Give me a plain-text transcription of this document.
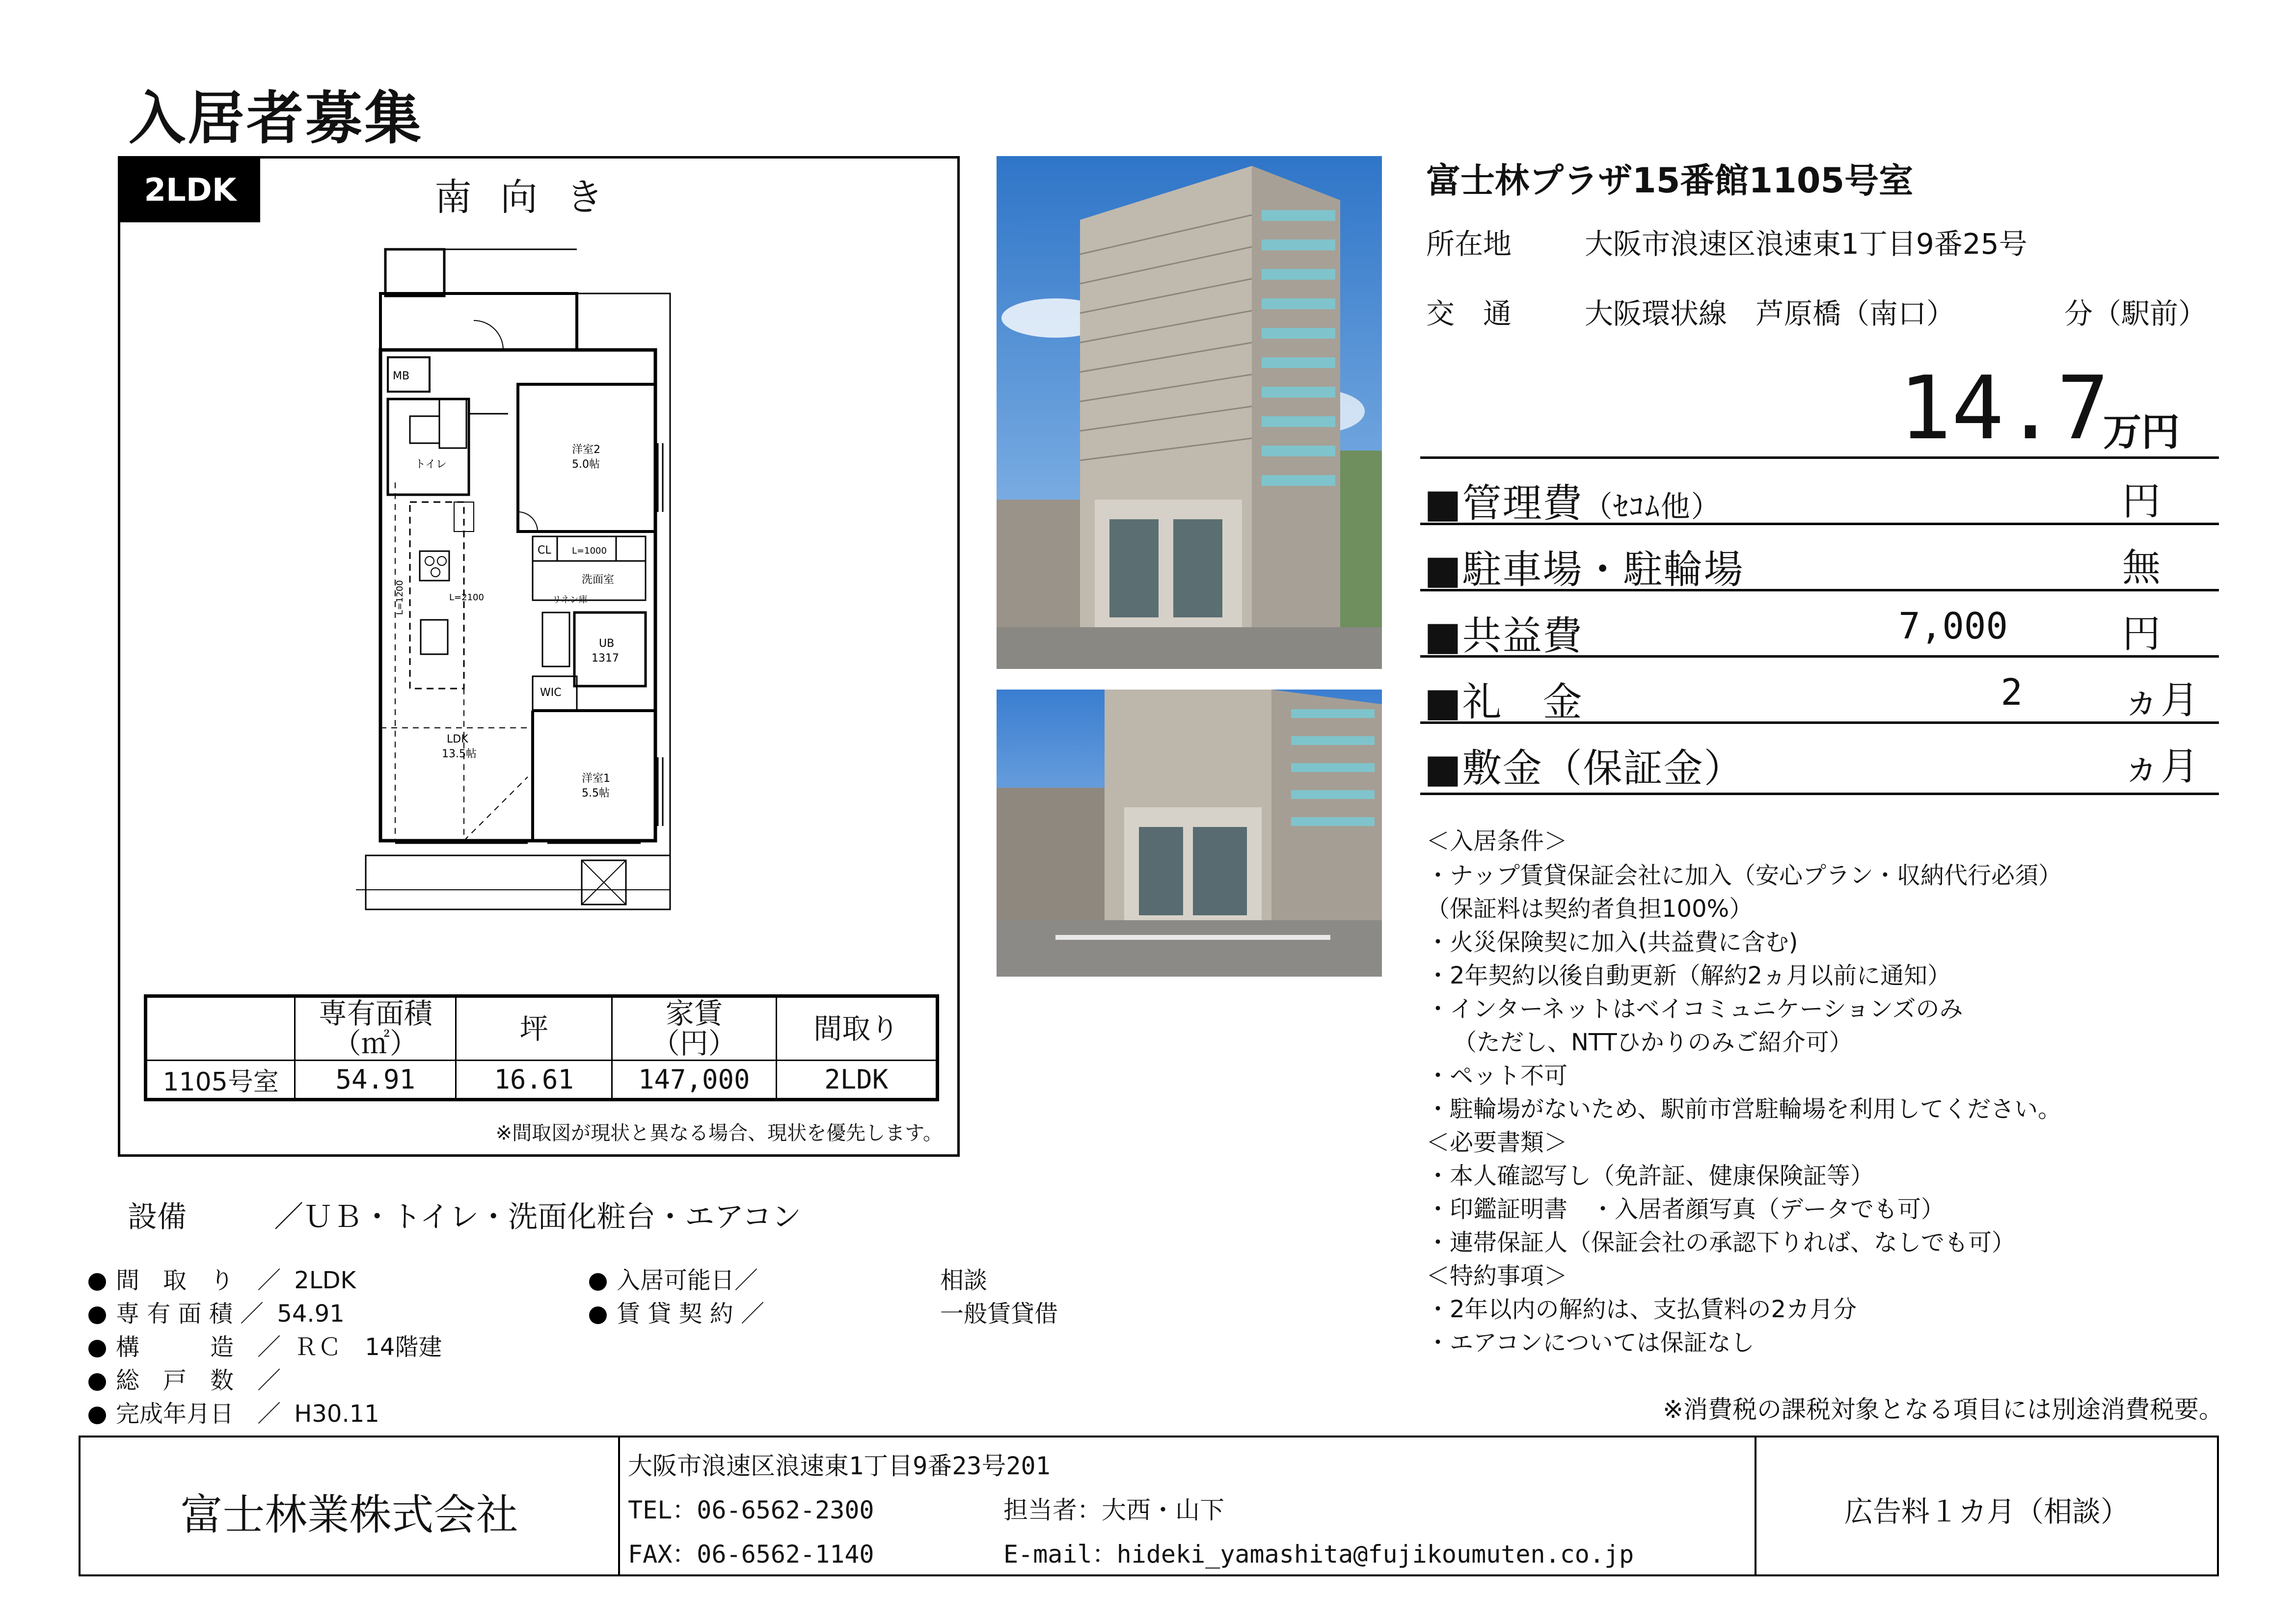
入居者募集
2LDK	南向き
MB
トイレ
洋室2
5.0帖
LDK
13.5帖
洋室1
5.5帖
CL L=1000
洗面室
リネン庫
UB
1317
WIC
L=2100
L=1200
	専有面積
（㎡）	坪	家賃
（円）	間取り
1105号室	54.91	16.61	147,000	2LDK
※間取図が現状と異なる場合、現状を優先します。
富士林プラザ15番館1105号室
所在地	大阪市浪速区浪速東1丁目9番25号
交　通	大阪環状線　芦原橋（南口）	分（駅前）
14.7
万円
■管理費（ｾｺﾑ他）	円
■駐車場・駐輪場	無
■共益費	7,000	円
■礼　金	2	ヵ月
■敷金（保証金）	ヵ月
＜入居条件＞
・ナップ賃貸保証会社に加入（安心プラン・収納代行必須）
（保証料は契約者負担100%）
・火災保険契に加入(共益費に含む)
・2年契約以後自動更新（解約2ヵ月以前に通知）
・インターネットはベイコミュニケーションズのみ
（ただし、NTTひかりのみご紹介可）
・ペット不可
・駐輪場がないため、駅前市営駐輪場を利用してください。
＜必要書類＞
・本人確認写し（免許証、健康保険証等）
・印鑑証明書　・入居者顔写真（データでも可）
・連帯保証人（保証会社の承認下りれば、なしでも可）
＜特約事項＞
・2年以内の解約は、支払賃料の2カ月分
・エアコンについては保証なし
※消費税の課税対象となる項目には別途消費税要。
設備	／ＵＢ・トイレ・洗面化粧台・エアコン
間　取　り　／ 2LDK
専 有 面 積 ／ 54.91
構　　　造　／ ＲＣ　14階建
総　戸　数　／
完成年月日　／ H30.11
入居可能日／	相談
賃 貸 契 約 ／	一般賃貸借
富士林業株式会社
大阪市浪速区浪速東1丁目9番23号201
TEL：06-6562-2300	担当者：大西・山下
FAX：06-6562-1140	E-mail：hideki_yamashita@fujikoumuten.co.jp
広告料１カ月（相談）
